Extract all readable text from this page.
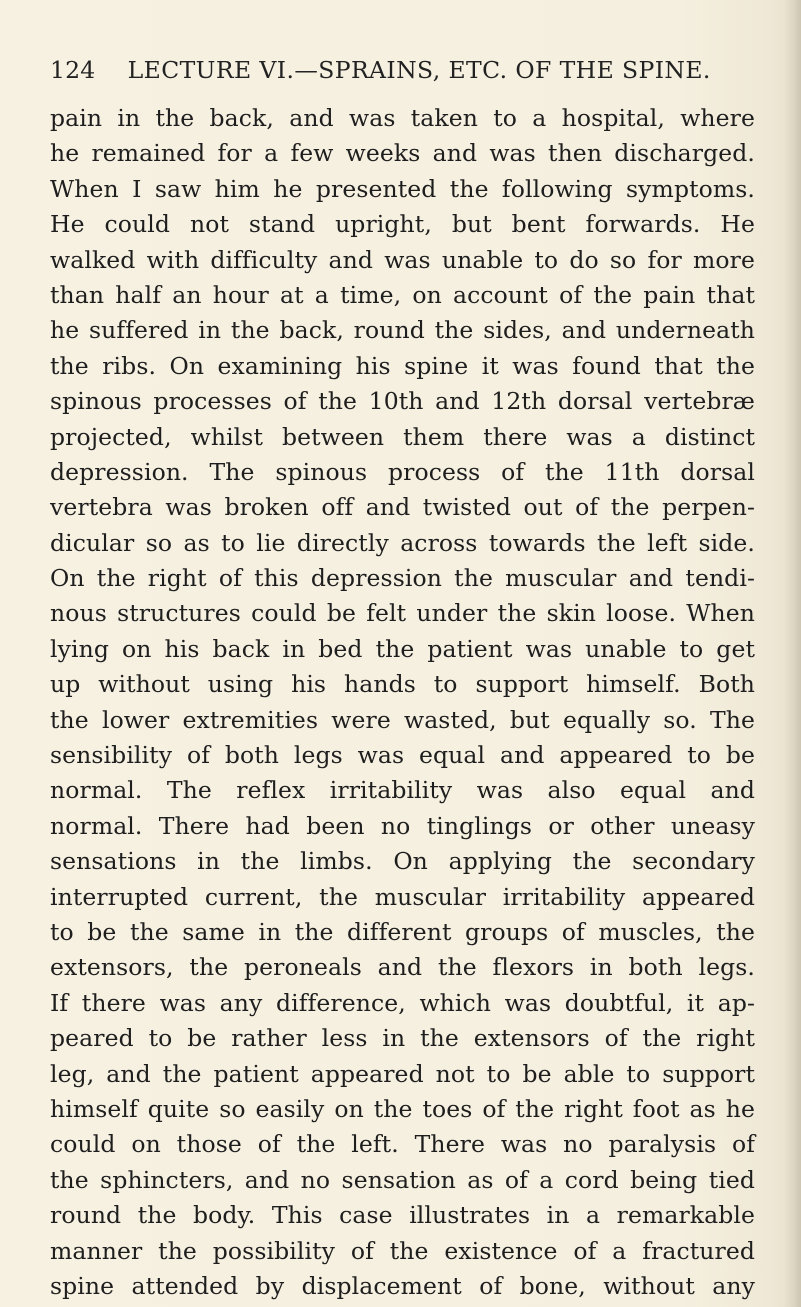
124 LECTURE VI.—SPRAINS, ETC. OF THE SPINE.
pain in the back, and was taken to a hospital, where
he remained for a few weeks and was then discharged.
When I saw him he presented the following symptoms.
He could not stand upright, but bent forwards. He
walked with difficulty and was unable to do so for more
than half an hour at a time, on account of the pain that
he suffered in the back, round the sides, and underneath
the ribs. On examining his spine it was found that the
spinous processes of the 10th and 12th dorsal vertebræ
projected, whilst between them there was a distinct
depression. The spinous process of the 11th dorsal
vertebra was broken off and twisted out of the perpen-
dicular so as to lie directly across towards the left side.
On the right of this depression the muscular and tendi-
nous structures could be felt under the skin loose. When
lying on his back in bed the patient was unable to get
up without using his hands to support himself. Both
the lower extremities were wasted, but equally so. The
sensibility of both legs was equal and appeared to be
normal. The reflex irritability was also equal and
normal. There had been no tinglings or other uneasy
sensations in the limbs. On applying the secondary
interrupted current, the muscular irritability appeared
to be the same in the different groups of muscles, the
extensors, the peroneals and the flexors in both legs.
If there was any difference, which was doubtful, it ap-
peared to be rather less in the extensors of the right
leg, and the patient appeared not to be able to support
himself quite so easily on the toes of the right foot as he
could on those of the left. There was no paralysis of
the sphincters, and no sensation as of a cord being tied
round the body. This case illustrates in a remarkable
manner the possibility of the existence of a fractured
spine attended by displacement of bone, without any
